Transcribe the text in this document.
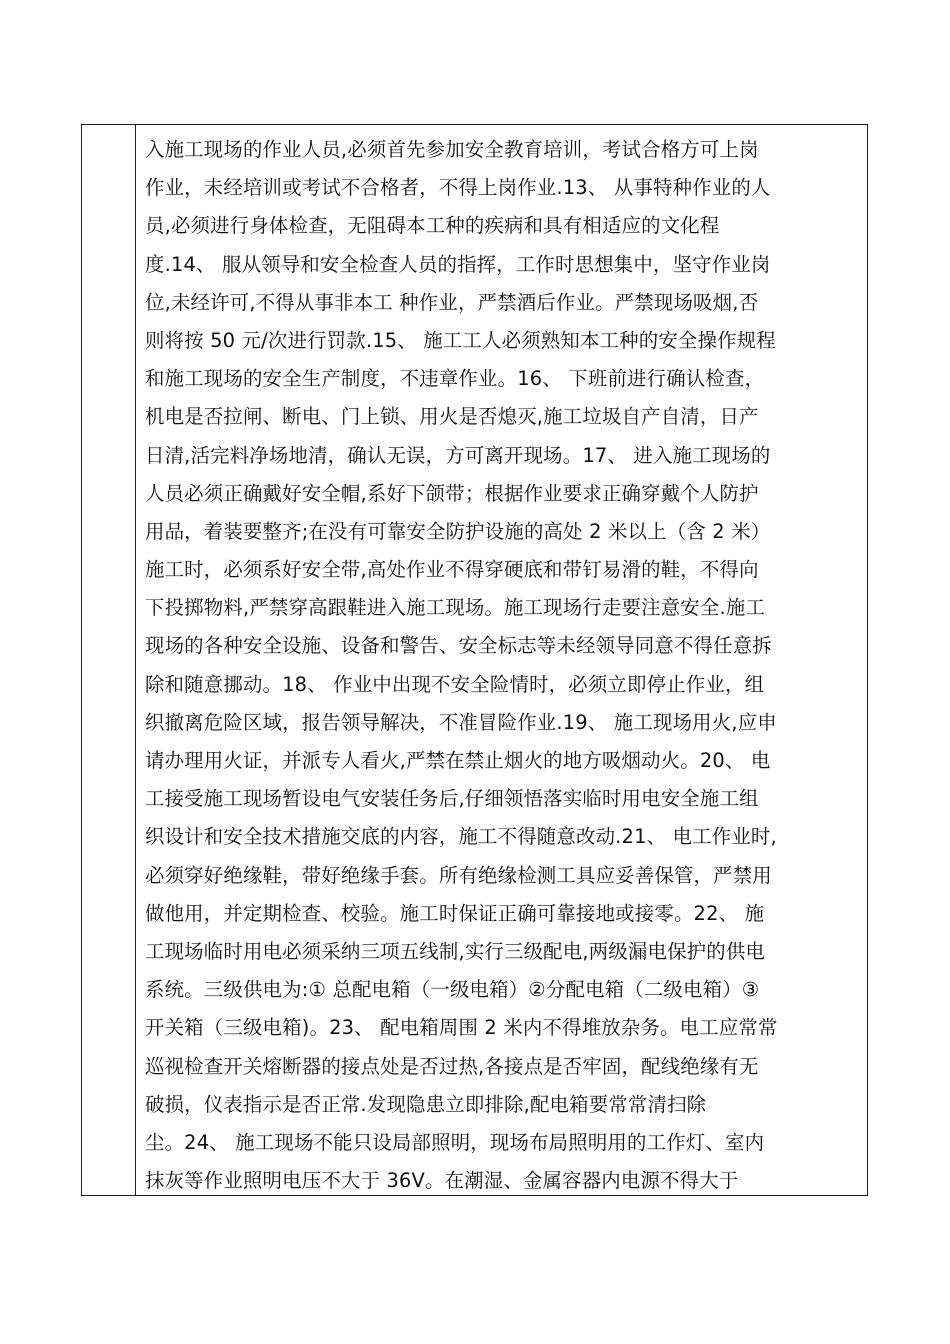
入施工现场的作业人员,必须首先参加安全教育培训，考试合格方可上岗
作业，未经培训或考试不合格者，不得上岗作业.13、 从事特种作业的人
员,必须进行身体检查，无阻碍本工种的疾病和具有相适应的文化程
度.14、 服从领导和安全检查人员的指挥，工作时思想集中，坚守作业岗
位,未经许可,不得从事非本工 种作业，严禁酒后作业。严禁现场吸烟,否
则将按 50 元/次进行罚款.15、 施工工人必须熟知本工种的安全操作规程
和施工现场的安全生产制度，不违章作业。16、 下班前进行确认检查，
机电是否拉闸、断电、门上锁、用火是否熄灭,施工垃圾自产自清，日产
日清,活完料净场地清，确认无误，方可离开现场。17、 进入施工现场的
人员必须正确戴好安全帽,系好下颌带；根据作业要求正确穿戴个人防护
用品，着装要整齐;在没有可靠安全防护设施的高处 2 米以上（含 2 米）
施工时，必须系好安全带,高处作业不得穿硬底和带钉易滑的鞋，不得向
下投掷物料,严禁穿高跟鞋进入施工现场。施工现场行走要注意安全.施工
现场的各种安全设施、设备和警告、安全标志等未经领导同意不得任意拆
除和随意挪动。18、 作业中出现不安全险情时，必须立即停止作业，组
织撤离危险区域，报告领导解决，不准冒险作业.19、 施工现场用火,应申
请办理用火证，并派专人看火,严禁在禁止烟火的地方吸烟动火。20、 电
工接受施工现场暂设电气安装任务后,仔细领悟落实临时用电安全施工组
织设计和安全技术措施交底的内容，施工不得随意改动.21、 电工作业时,
必须穿好绝缘鞋，带好绝缘手套。所有绝缘检测工具应妥善保管，严禁用
做他用，并定期检查、校验。施工时保证正确可靠接地或接零。22、 施
工现场临时用电必须采纳三项五线制,实行三级配电,两级漏电保护的供电
系统。三级供电为:① 总配电箱（一级电箱）②分配电箱（二级电箱）③
开关箱（三级电箱)。23、 配电箱周围 2 米内不得堆放杂务。电工应常常
巡视检查开关熔断器的接点处是否过热,各接点是否牢固，配线绝缘有无
破损，仪表指示是否正常.发现隐患立即排除,配电箱要常常清扫除
尘。24、 施工现场不能只设局部照明，现场布局照明用的工作灯、室内
抹灰等作业照明电压不大于 36V。在潮湿、金属容器内电源不得大于
